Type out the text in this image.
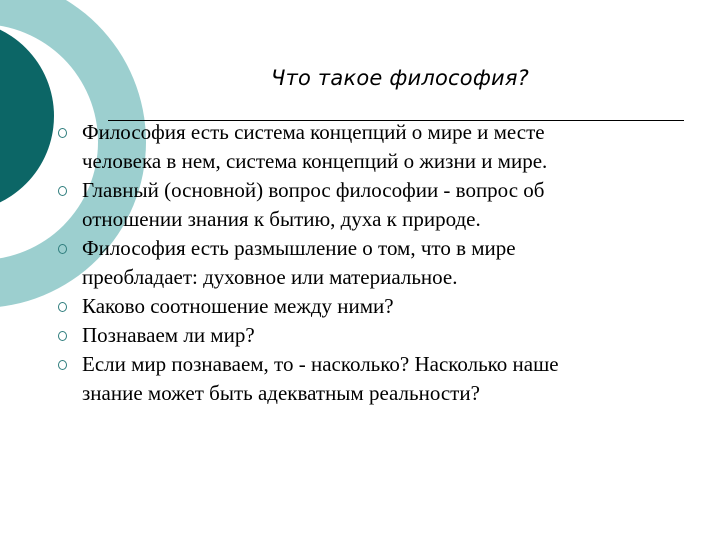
Что такое философия?
Философия есть система концепций о мире и месте
человека в нем, система концепций о жизни и мире.
Главный (основной) вопрос философии - вопрос об
отношении знания к бытию, духа к природе.
Философия есть размышление о том, что в мире
преобладает: духовное или материальное.
Каково соотношение между ними?
Познаваем ли мир?
Если мир познаваем, то - насколько? Насколько наше
знание может быть адекватным реальности?
